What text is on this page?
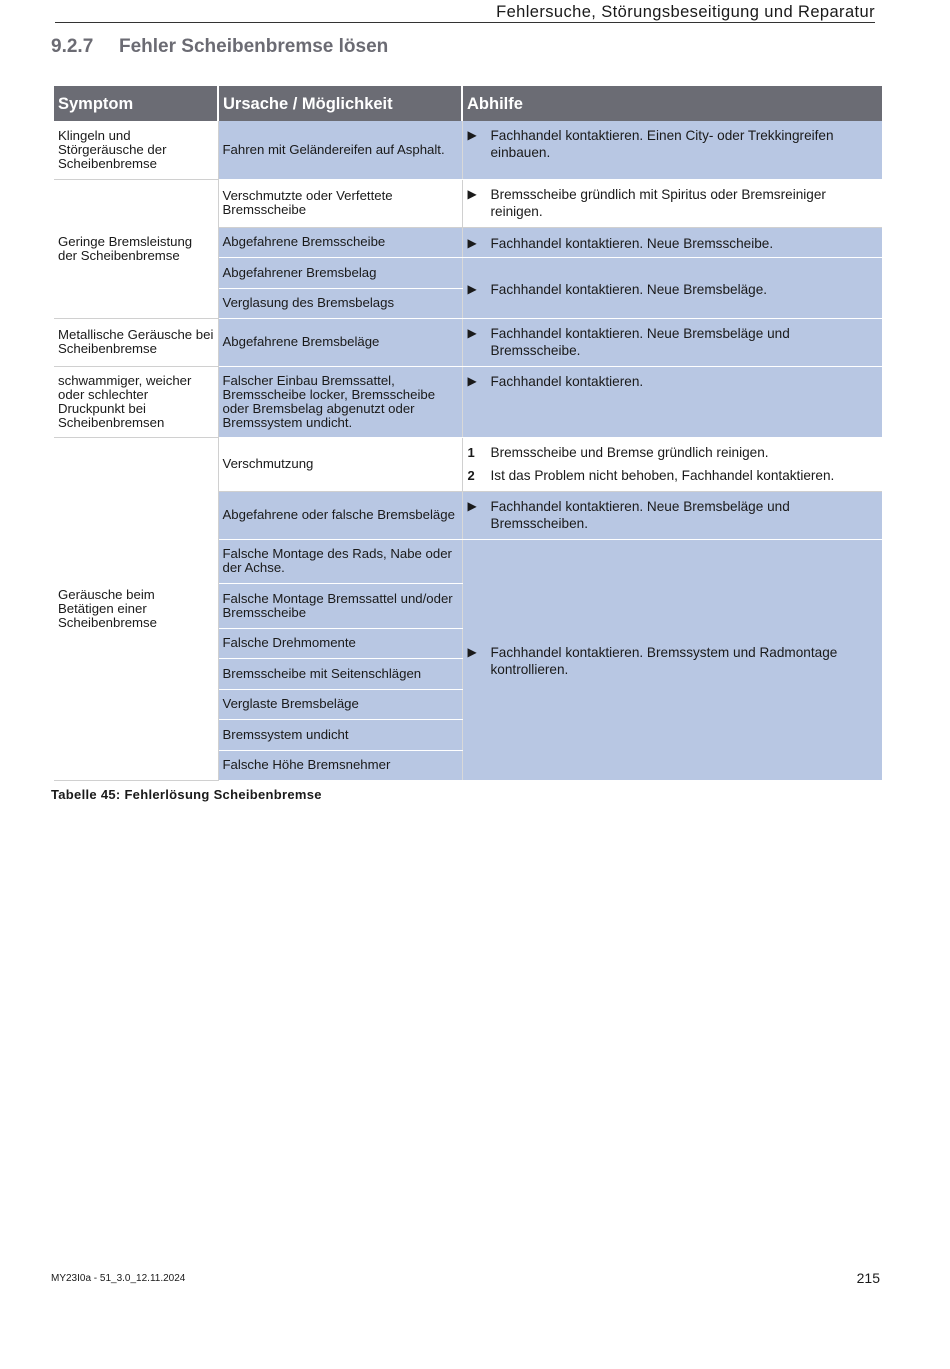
Fehlersuche, Störungsbeseitigung und Reparatur
9.2.7 Fehler Scheibenbremse lösen
Symptom	Ursache / Möglichkeit	Abhilfe
Klingeln und Störgeräusche der Scheibenbremse	Fahren mit Geländereifen auf Asphalt.	▶ Fachhandel kontaktieren. Einen City- oder Trekkingreifen einbauen.

Geringe Bremsleistung der Scheibenbremse	Verschmutzte oder Verfettete Bremsscheibe	▶ Bremsscheibe gründlich mit Spiritus oder Bremsreiniger reinigen.

	Abgefahrene Bremsscheibe	▶ Fachhandel kontaktieren. Neue Bremsscheibe.

	Abgefahrener Bremsbelag	▶ Fachhandel kontaktieren. Neue Bremsbeläge.

	Verglasung des Bremsbelags	
Metallische Geräusche bei Scheibenbremse	Abgefahrene Bremsbeläge	▶ Fachhandel kontaktieren. Neue Bremsbeläge und Bremsscheibe.

schwammiger, weicher oder schlechter Druckpunkt bei Scheibenbremsen	Falscher Einbau Bremssattel, Bremsscheibe locker, Bremsscheibe oder Bremsbelag abgenutzt oder Bremssystem undicht.	▶ Fachhandel kontaktieren.

Geräusche beim Betätigen einer Scheibenbremse	Verschmutzung	1 Bremsscheibe und Bremse gründlich reinigen.
2 Ist das Problem nicht behoben, Fachhandel kontaktieren.

	Abgefahrene oder falsche Bremsbeläge	▶ Fachhandel kontaktieren. Neue Bremsbeläge und Bremsscheiben.

	Falsche Montage des Rads, Nabe oder der Achse.	▶ Fachhandel kontaktieren. Bremssystem und Radmontage kontrollieren.

	Falsche Montage Bremssattel und/oder Bremsscheibe	
	Falsche Drehmomente	
	Bremsscheibe mit Seitenschlägen	
	Verglaste Bremsbeläge	
	Bremssystem undicht	
	Falsche Höhe Bremsnehmer	
Tabelle 45: Fehlerlösung Scheibenbremse
MY23I0a - 51_3.0_12.11.2024	215
